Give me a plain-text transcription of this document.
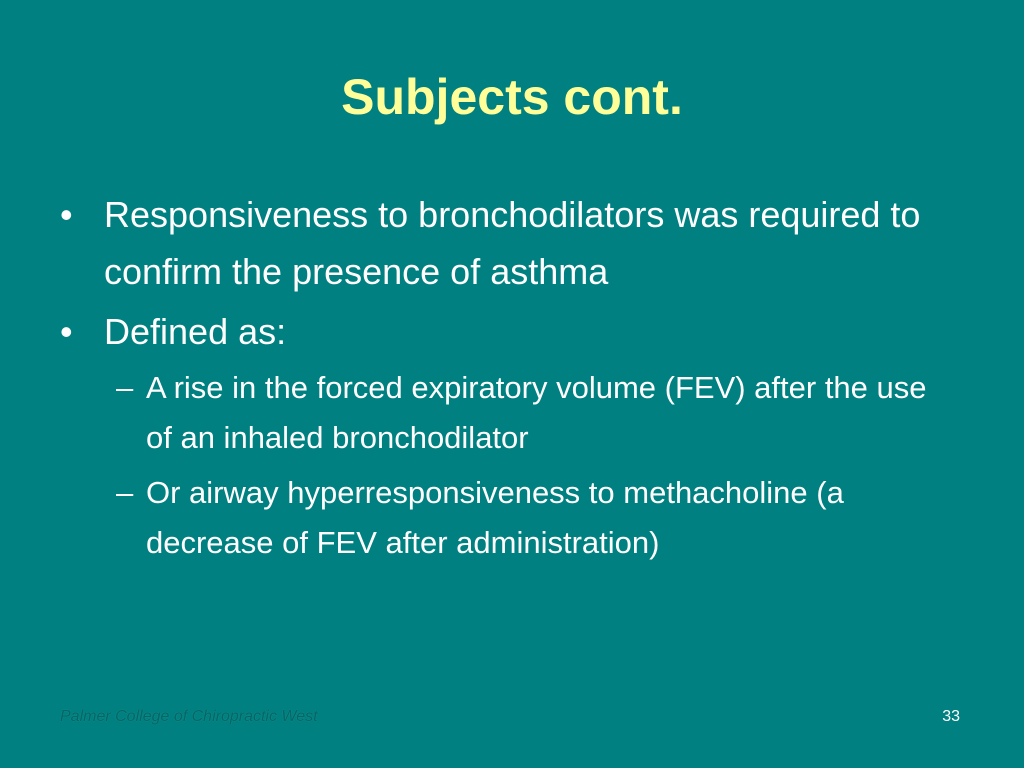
Subjects cont.
• Responsiveness to bronchodilators was required to confirm the presence of asthma
• Defined as:
– A rise in the forced expiratory volume (FEV) after the use of an inhaled bronchodilator
– Or airway hyperresponsiveness to methacholine (a decrease of FEV after administration)
Palmer College of Chiropractic West	33
